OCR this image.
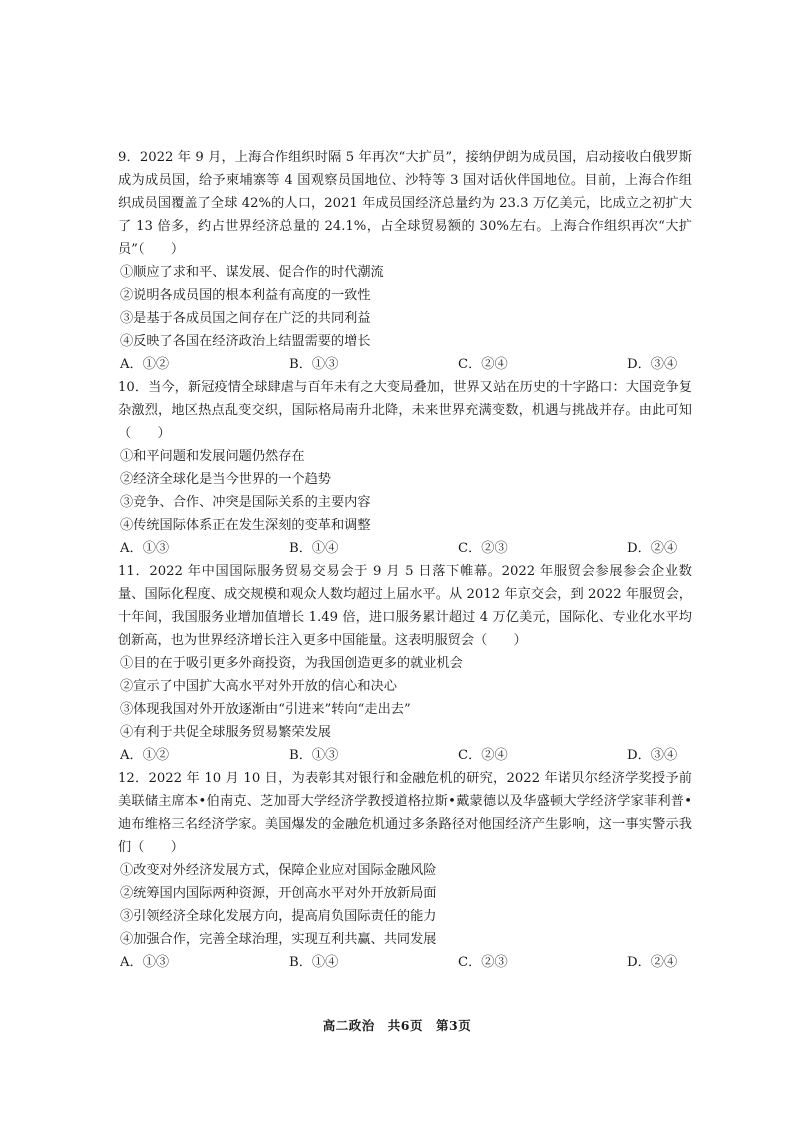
9．2022 年 9 月，上海合作组织时隔 5 年再次“大扩员”，接纳伊朗为成员国，启动接收白俄罗斯成为成员国，给予柬埔寨等 4 国观察员国地位、沙特等 3 国对话伙伴国地位。目前，上海合作组织成员国覆盖了全球 42%的人口，2021 年成员国经济总量约为 23.3 万亿美元，比成立之初扩大了 13 倍多，约占世界经济总量的 24.1%，占全球贸易额的 30%左右。上海合作组织再次“大扩员”（　　）

①顺应了求和平、谋发展、促合作的时代潮流

②说明各成员国的根本利益有高度的一致性

③是基于各成员国之间存在广泛的共同利益

④反映了各国在经济政治上结盟需要的增长

A．①②	B．①③	C．②④	D．③④

10．当今，新冠疫情全球肆虐与百年未有之大变局叠加，世界又站在历史的十字路口：大国竞争复杂激烈，地区热点乱变交织，国际格局南升北降，未来世界充满变数，机遇与挑战并存。由此可知（　　）

①和平问题和发展问题仍然存在

②经济全球化是当今世界的一个趋势

③竞争、合作、冲突是国际关系的主要内容

④传统国际体系正在发生深刻的变革和调整

A．①③	B．①④	C．②③	D．②④

11．2022 年中国国际服务贸易交易会于 9 月 5 日落下帷幕。2022 年服贸会参展参会企业数量、国际化程度、成交规模和观众人数均超过上届水平。从 2012 年京交会，到 2022 年服贸会，十年间，我国服务业增加值增长 1.49 倍，进口服务累计超过 4 万亿美元，国际化、专业化水平均创新高，也为世界经济增长注入更多中国能量。这表明服贸会（　　）

①目的在于吸引更多外商投资，为我国创造更多的就业机会

②宣示了中国扩大高水平对外开放的信心和决心

③体现我国对外开放逐渐由“引进来”转向“走出去”

④有利于共促全球服务贸易繁荣发展

A．①②	B．①③	C．②④	D．③④

12．2022 年 10 月 10 日，为表彰其对银行和金融危机的研究，2022 年诺贝尔经济学奖授予前美联储主席本•伯南克、芝加哥大学经济学教授道格拉斯•戴蒙德以及华盛顿大学经济学家菲利普•迪布维格三名经济学家。美国爆发的金融危机通过多条路径对他国经济产生影响，这一事实警示我们（　　）

①改变对外经济发展方式，保障企业应对国际金融风险

②统筹国内国际两种资源，开创高水平对外开放新局面

③引领经济全球化发展方向，提高肩负国际责任的能力

④加强合作，完善全球治理，实现互利共赢、共同发展

A．①③	B．①④	C．②③	D．②④
高二政治　共6页　第3页
